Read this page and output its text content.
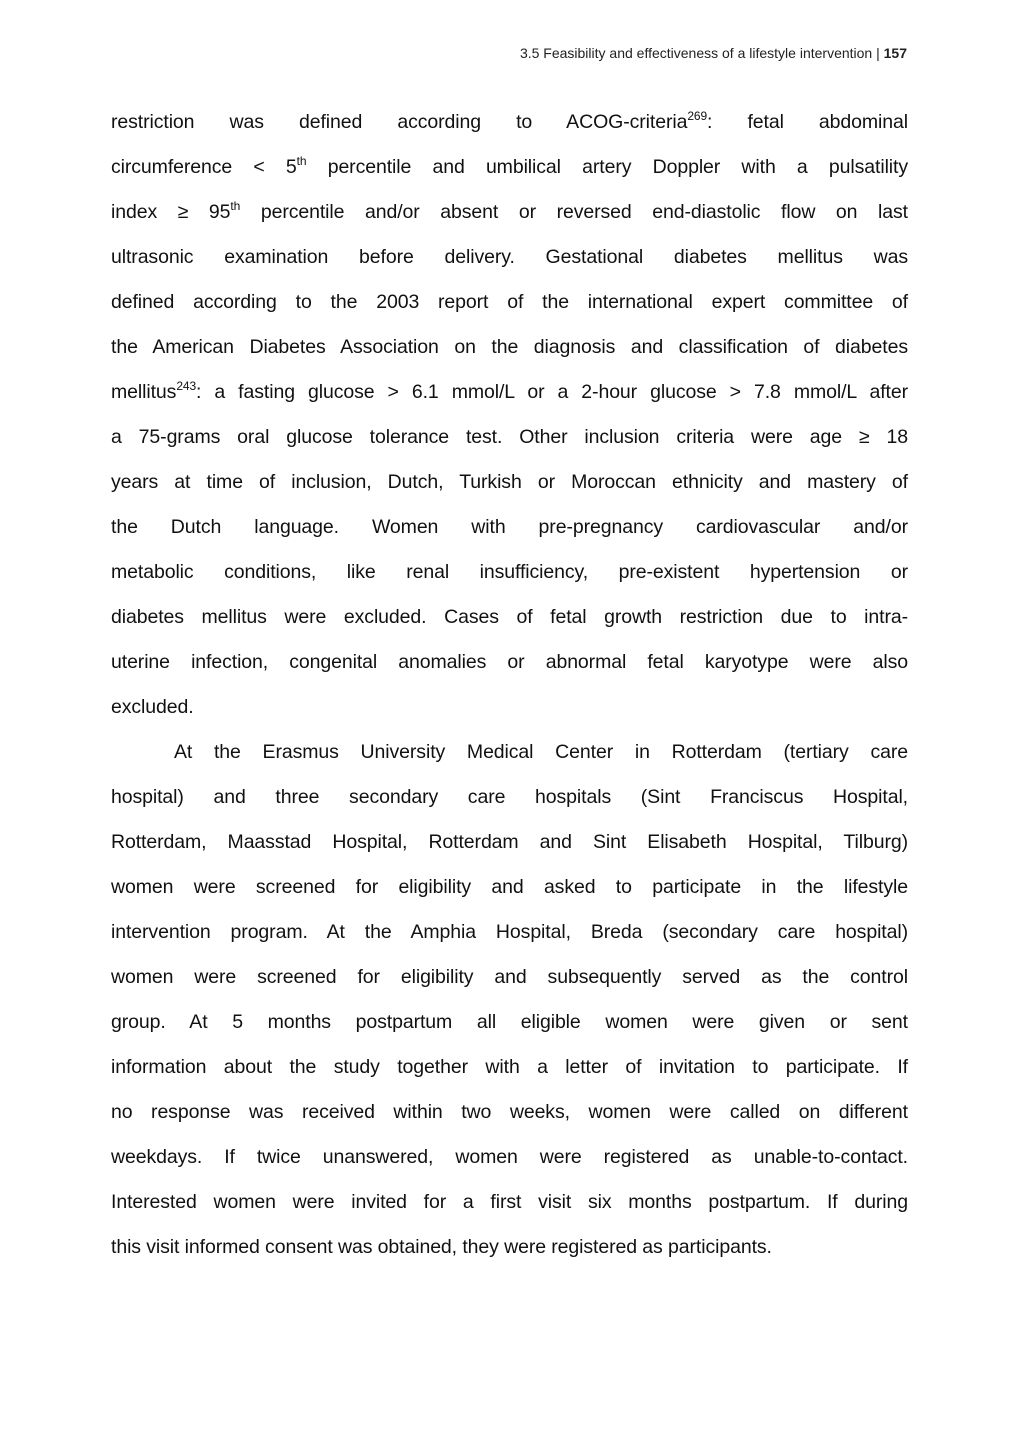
3.5 Feasibility and effectiveness of a lifestyle intervention | 157
restriction was defined according to ACOG-criteria$^{269}$: fetal abdominal
circumference < 5th percentile and umbilical artery Doppler with a pulsatility
index ≥ 95th percentile and/or absent or reversed end-diastolic flow on last
ultrasonic examination before delivery. Gestational diabetes mellitus was
defined according to the 2003 report of the international expert committee of
the American Diabetes Association on the diagnosis and classification of diabetes
mellitus$^{243}$: a fasting glucose > 6.1 mmol/L or a 2-hour glucose > 7.8 mmol/L after
a 75-grams oral glucose tolerance test. Other inclusion criteria were age ≥ 18
years at time of inclusion, Dutch, Turkish or Moroccan ethnicity and mastery of
the Dutch language. Women with pre-pregnancy cardiovascular and/or
metabolic conditions, like renal insufficiency, pre-existent hypertension or
diabetes mellitus were excluded. Cases of fetal growth restriction due to intra-
uterine infection, congenital anomalies or abnormal fetal karyotype were also
excluded.
At the Erasmus University Medical Center in Rotterdam (tertiary care
hospital) and three secondary care hospitals (Sint Franciscus Hospital,
Rotterdam, Maasstad Hospital, Rotterdam and Sint Elisabeth Hospital, Tilburg)
women were screened for eligibility and asked to participate in the lifestyle
intervention program. At the Amphia Hospital, Breda (secondary care hospital)
women were screened for eligibility and subsequently served as the control
group. At 5 months postpartum all eligible women were given or sent
information about the study together with a letter of invitation to participate. If
no response was received within two weeks, women were called on different
weekdays. If twice unanswered, women were registered as unable-to-contact.
Interested women were invited for a first visit six months postpartum. If during
this visit informed consent was obtained, they were registered as participants.
